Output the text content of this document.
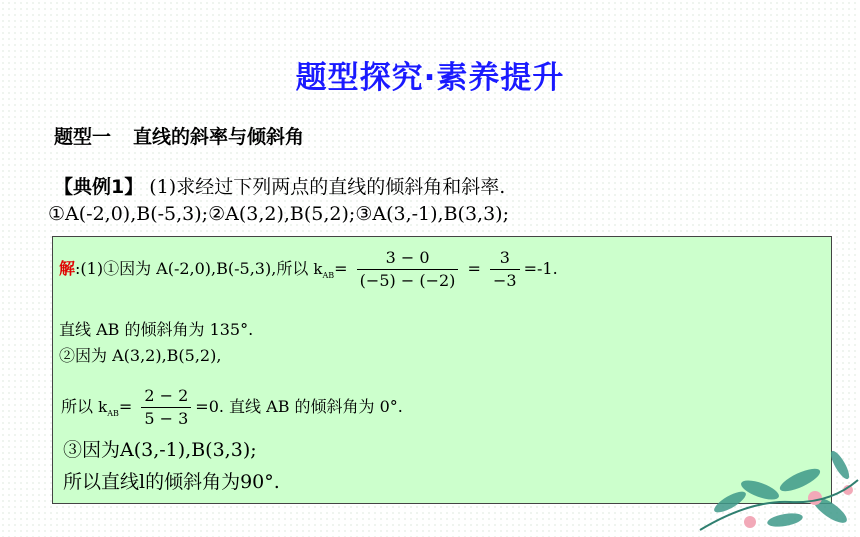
题型探究·素养提升
题型一 直线的斜率与倾斜角
【典例1】 (1)求经过下列两点的直线的倾斜角和斜率.
①A(-2,0),B(-5,3);②A(3,2),B(5,2);③A(3,-1),B(3,3);
解:(1)①因为 A(-2,0),B(-5,3),所以 $k_{AB}= \frac{3 - 0}{(-5) - (-2)} = \frac{3}{-3} =-1$.
直线 AB 的倾斜角为 135°.
②因为 A(3,2),B(5,2),
所以 $k_{AB}= \frac{2 - 2}{5 - 3} =0$. 直线 AB 的倾斜角为 0°.
③因为A(3,-1),B(3,3);
所以直线l的倾斜角为90°.
